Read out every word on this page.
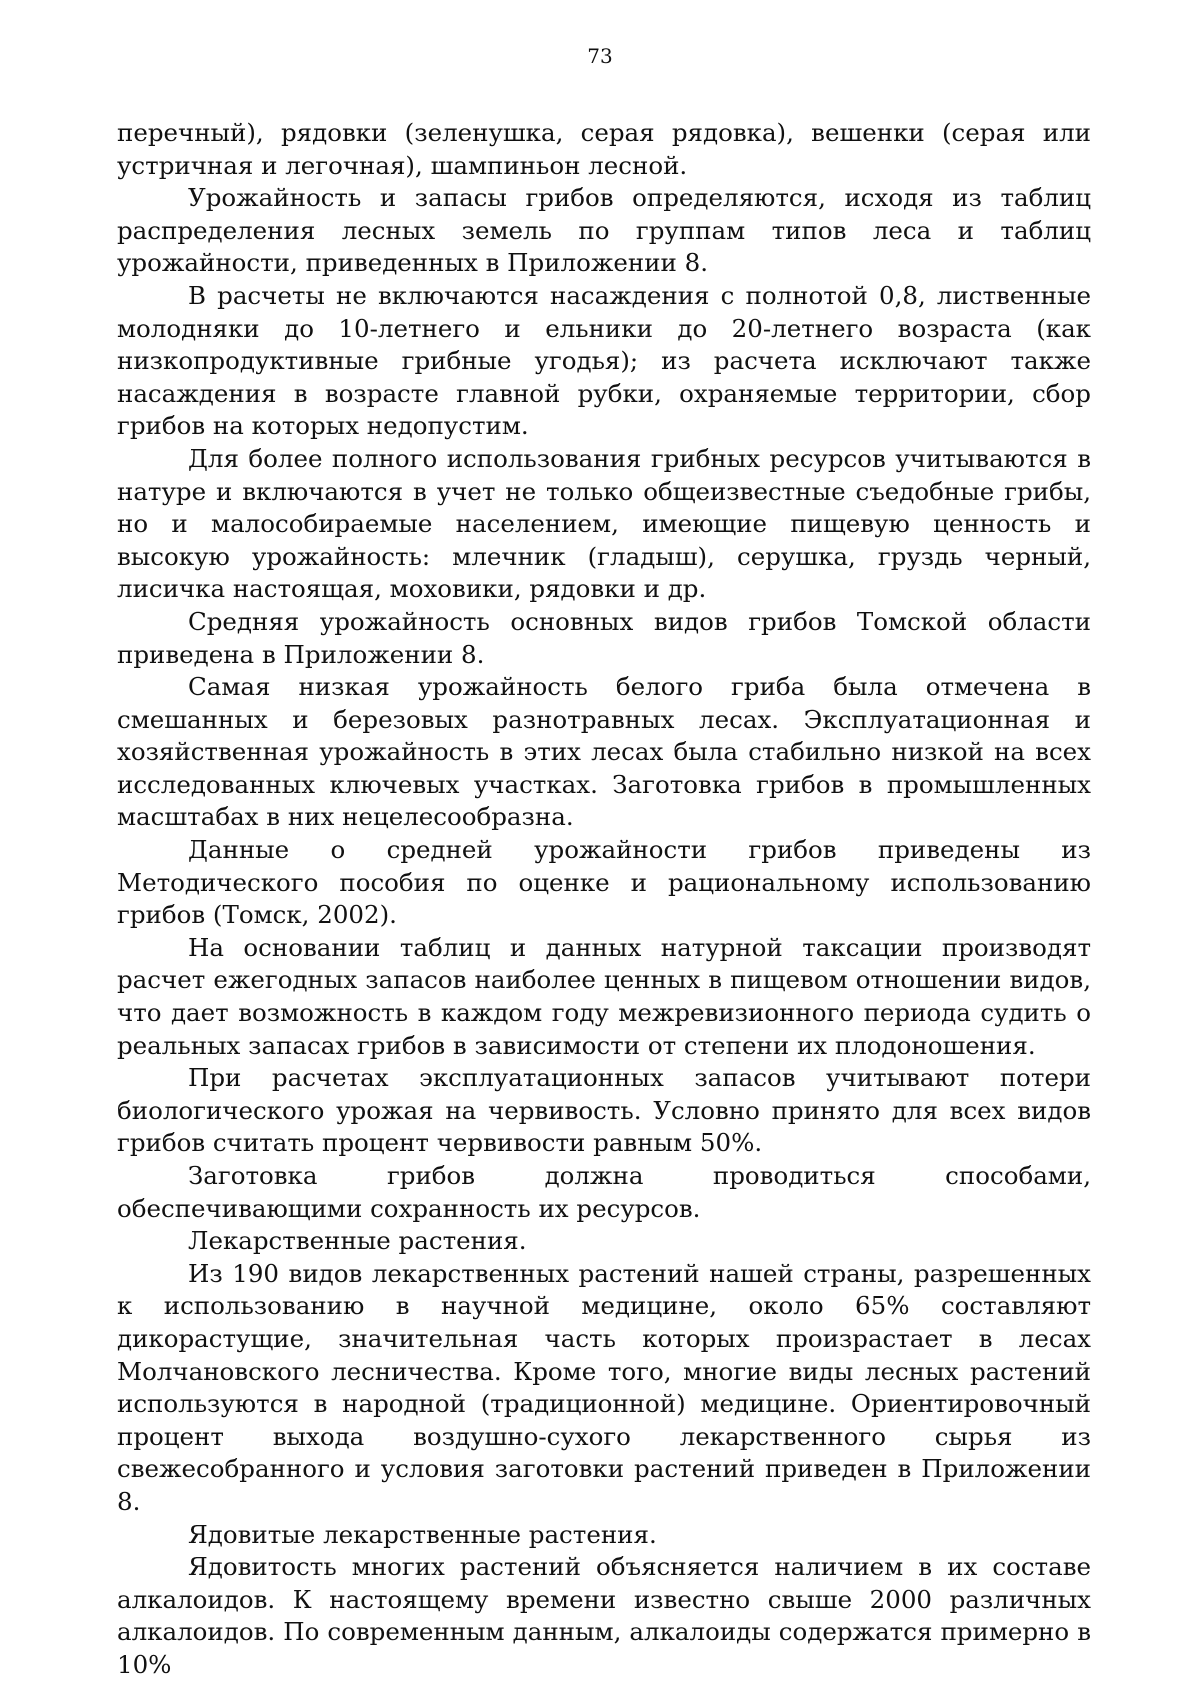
73

перечный), рядовки (зеленушка, серая рядовка), вешенки (серая или устричная и легочная), шампиньон лесной.

Урожайность и запасы грибов определяются, исходя из таблиц распределения лесных земель по группам типов леса и таблиц урожайности, приведенных в Приложении 8.

В расчеты не включаются насаждения с полнотой 0,8, лиственные молодняки до 10-летнего и ельники до 20-летнего возраста (как низкопродуктивные грибные угодья); из расчета исключают также насаждения в возрасте главной рубки, охраняемые территории, сбор грибов на которых недопустим.

Для более полного использования грибных ресурсов учитываются в натуре и включаются в учет не только общеизвестные съедобные грибы, но и малособираемые населением, имеющие пищевую ценность и высокую урожайность: млечник (гладыш), серушка, груздь черный, лисичка настоящая, моховики, рядовки и др.

Средняя урожайность основных видов грибов Томской области приведена в Приложении 8.

Самая низкая урожайность белого гриба была отмечена в смешанных и березовых разнотравных лесах. Эксплуатационная и хозяйственная урожайность в этих лесах была стабильно низкой на всех исследованных ключевых участках. Заготовка грибов в промышленных масштабах в них нецелесообразна.

Данные о средней урожайности грибов приведены из Методического пособия по оценке и рациональному использованию грибов (Томск, 2002).

На основании таблиц и данных натурной таксации производят расчет ежегодных запасов наиболее ценных в пищевом отношении видов, что дает возможность в каждом году межревизионного периода судить о реальных запасах грибов в зависимости от степени их плодоношения.

При расчетах эксплуатационных запасов учитывают потери биологического урожая на червивость. Условно принято для всех видов грибов считать процент червивости равным 50%.

Заготовка грибов должна проводиться способами, обеспечивающими сохранность их ресурсов.

Лекарственные растения.

Из 190 видов лекарственных растений нашей страны, разрешенных к использованию в научной медицине, около 65% составляют дикорастущие, значительная часть которых произрастает в лесах Молчановского лесничества. Кроме того, многие виды лесных растений используются в народной (традиционной) медицине. Ориентировочный процент выхода воздушно-сухого лекарственного сырья из свежесобранного и условия заготовки растений приведен в Приложении 8.

Ядовитые лекарственные растения.

Ядовитость многих растений объясняется наличием в их составе алкалоидов. К настоящему времени известно свыше 2000 различных алкалоидов. По современным данным, алкалоиды содержатся примерно в 10%
